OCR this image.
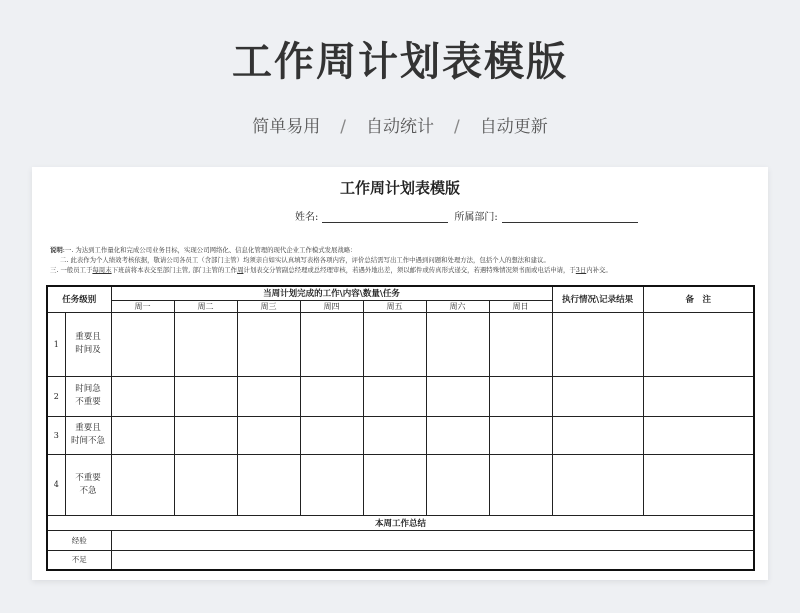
工作周计划表模版
简单易用 / 自动统计 / 自动更新
工作周计划表模版
姓名:	所属部门:
说明:一. 为达到工作量化和完成公司业务目标，实现公司网络化、信息化管理的现代企业工作模式发展战略：
二. 此表作为个人绩效考核依据，敬请公司各员工（含部门主管）均须亲自如实认真填写表格各项内容，评价总结需写出工作中遇到问题和处理方法，包括个人的想法和建议。
三. 一般员工于每周末下班前将本表交至部门主管, 部门主管的工作周计划表交分管副总经理或总经理审核，若遇外地出差，须以邮件或传真形式递交，若遇特殊情况须书面或电话申请，于3日内补交。
任务级别		当周计划完成的工作\内容\数量\任务							执行情况\记录结果	备　注
		周一	周二	周三	周四	周五	周六	周日		
1	重要且
时间及									

2	时间急
不重要									

3	重要且
时间不急									

4	不重要
不急									

本周工作总结										
经验										
不足										
